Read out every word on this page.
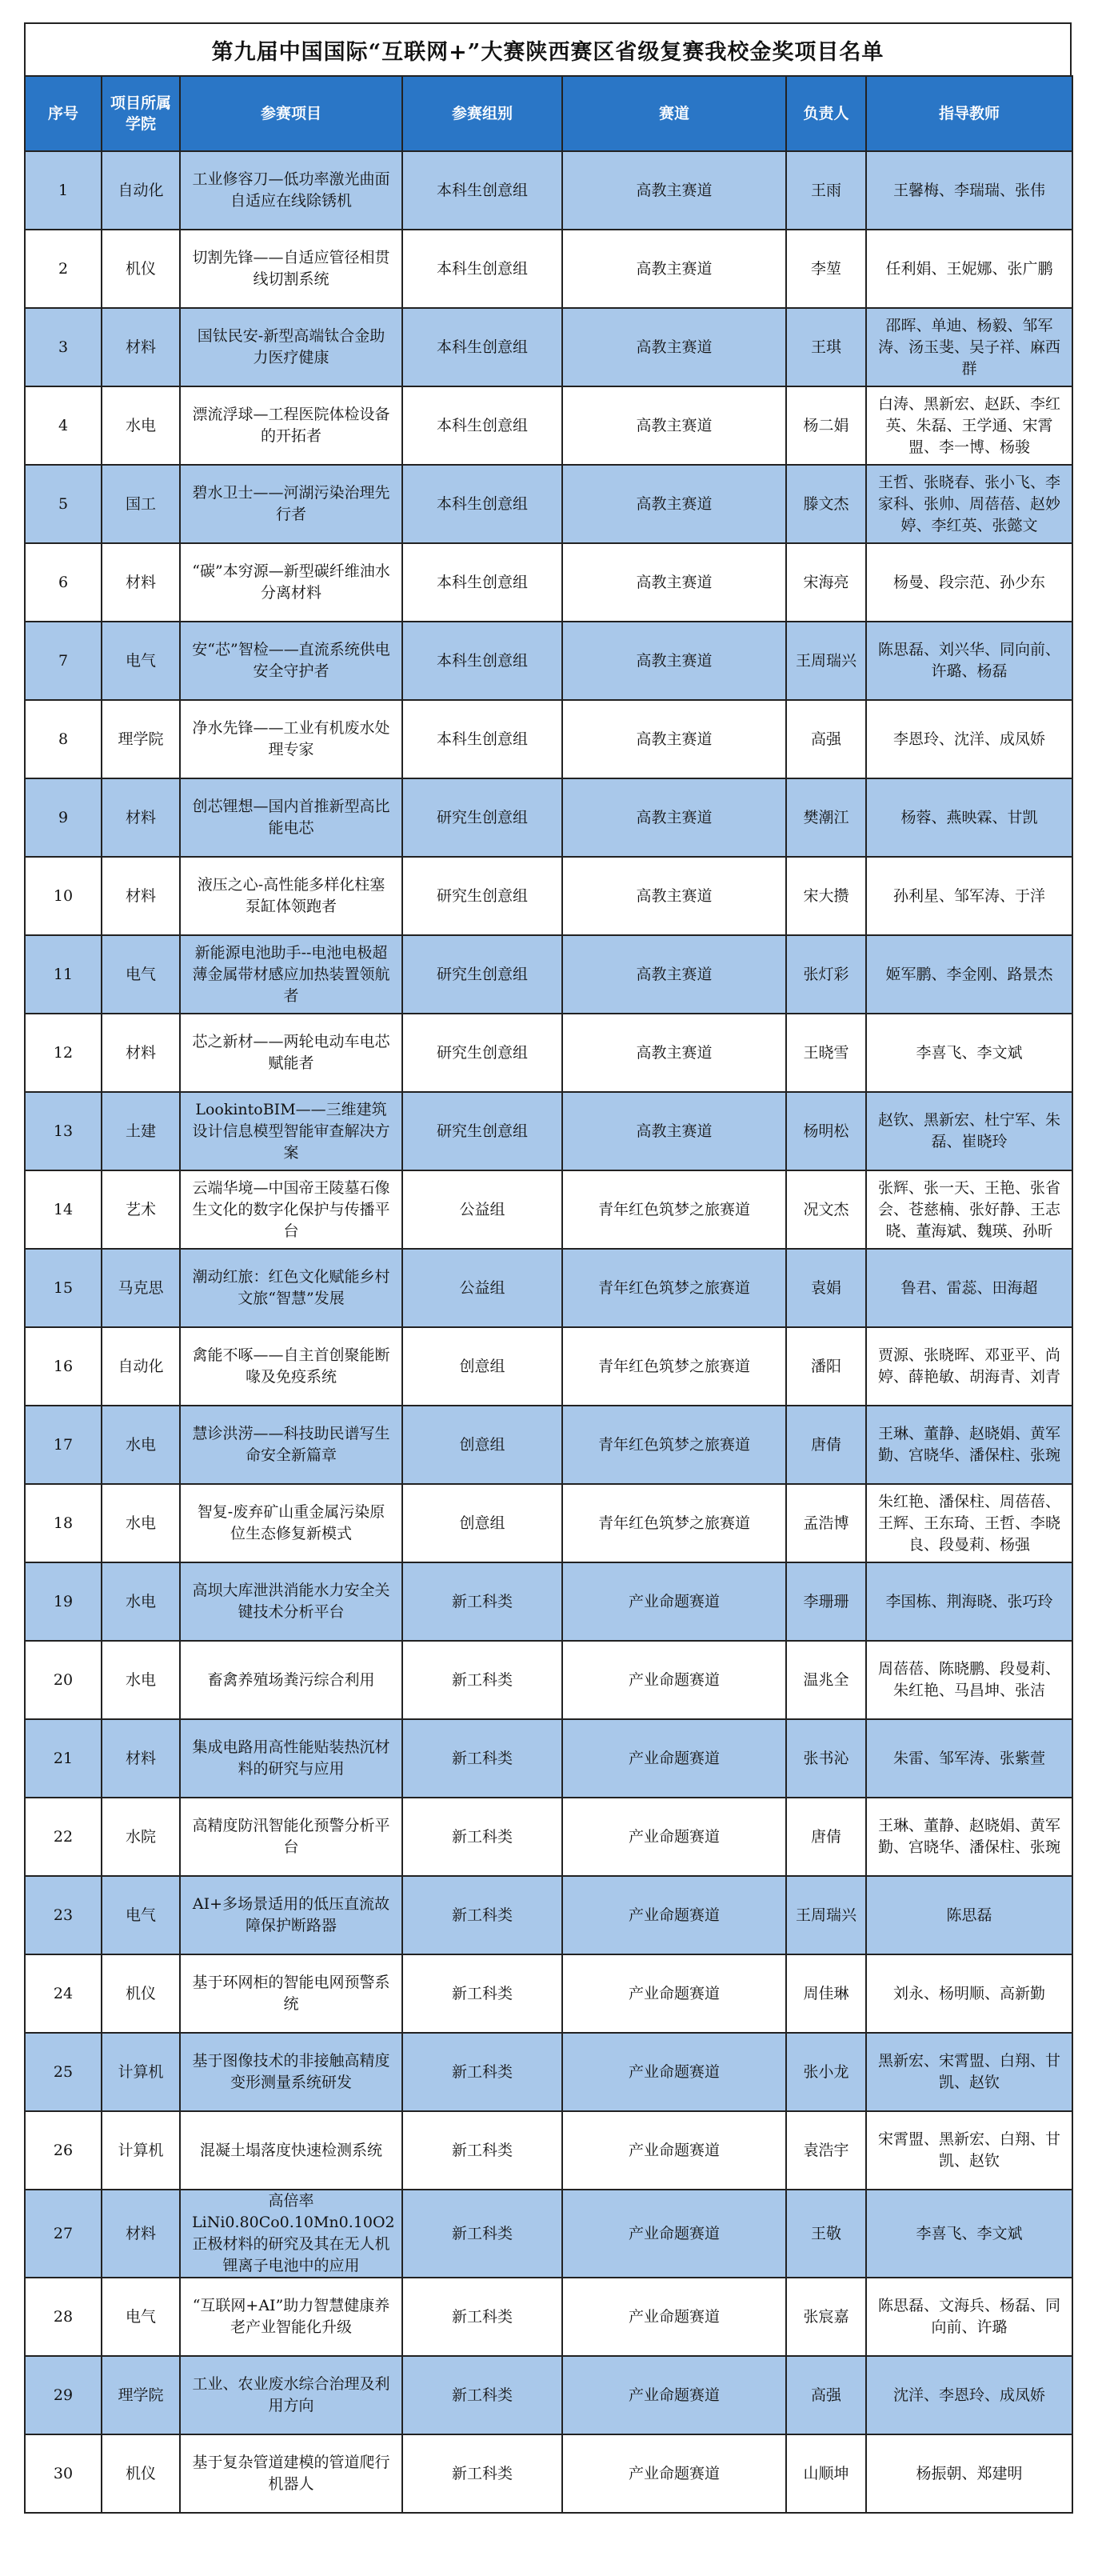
第九届中国国际“互联网+”大赛陕西赛区省级复赛我校金奖项目名单
序号	项目所属学院	参赛项目	参赛组别	赛道	负责人	指导教师
1	自动化	工业修容刀—低功率激光曲面自适应在线除锈机	本科生创意组	高教主赛道	王雨	王馨梅、李瑞瑞、张伟
2	机仪	切割先锋——自适应管径相贯线切割系统	本科生创意组	高教主赛道	李堃	任利娟、王妮娜、张广鹏
3	材料	国钛民安-新型高端钛合金助力医疗健康	本科生创意组	高教主赛道	王琪	邵晖、单迪、杨毅、邹军涛、汤玉斐、吴子祥、麻西群
4	水电	漂流浮球—工程医院体检设备的开拓者	本科生创意组	高教主赛道	杨二娟	白涛、黑新宏、赵跃、李红英、朱磊、王学通、宋霄盟、李一博、杨骏
5	国工	碧水卫士——河湖污染治理先行者	本科生创意组	高教主赛道	滕文杰	王哲、张晓春、张小飞、李家科、张帅、周蓓蓓、赵妙婷、李红英、张懿文
6	材料	“碳”本穷源—新型碳纤维油水分离材料	本科生创意组	高教主赛道	宋海亮	杨曼、段宗范、孙少东
7	电气	安“芯”智检——直流系统供电安全守护者	本科生创意组	高教主赛道	王周瑞兴	陈思磊、刘兴华、同向前、许璐、杨磊
8	理学院	净水先锋——工业有机废水处理专家	本科生创意组	高教主赛道	高强	李恩玲、沈洋、成凤娇
9	材料	创芯锂想—国内首推新型高比能电芯	研究生创意组	高教主赛道	樊潮江	杨蓉、燕映霖、甘凯
10	材料	液压之心-高性能多样化柱塞泵缸体领跑者	研究生创意组	高教主赛道	宋大攒	孙利星、邹军涛、于洋
11	电气	新能源电池助手--电池电极超薄金属带材感应加热装置领航者	研究生创意组	高教主赛道	张灯彩	姬军鹏、李金刚、路景杰
12	材料	芯之新材——两轮电动车电芯赋能者	研究生创意组	高教主赛道	王晓雪	李喜飞、李文斌
13	土建	LookintoBIM——三维建筑设计信息模型智能审查解决方案	研究生创意组	高教主赛道	杨明松	赵钦、黑新宏、杜宁军、朱磊、崔晓玲
14	艺术	云端华境—中国帝王陵墓石像生文化的数字化保护与传播平台	公益组	青年红色筑梦之旅赛道	况文杰	张辉、张一天、王艳、张省会、苍慈楠、张好静、王志晓、董海斌、魏瑛、孙昕
15	马克思	潮动红旅：红色文化赋能乡村文旅“智慧”发展	公益组	青年红色筑梦之旅赛道	袁娟	鲁君、雷蕊、田海超
16	自动化	禽能不啄——自主首创聚能断喙及免疫系统	创意组	青年红色筑梦之旅赛道	潘阳	贾源、张晓晖、邓亚平、尚婷、薛艳敏、胡海青、刘青
17	水电	慧诊洪涝——科技助民谱写生命安全新篇章	创意组	青年红色筑梦之旅赛道	唐倩	王琳、董静、赵晓娟、黄军勤、宫晓华、潘保柱、张琬
18	水电	智复-废弃矿山重金属污染原位生态修复新模式	创意组	青年红色筑梦之旅赛道	孟浩博	朱红艳、潘保柱、周蓓蓓、王辉、王东琦、王哲、李晓良、段曼莉、杨强
19	水电	高坝大库泄洪消能水力安全关键技术分析平台	新工科类	产业命题赛道	李珊珊	李国栋、荆海晓、张巧玲
20	水电	畜禽养殖场粪污综合利用	新工科类	产业命题赛道	温兆全	周蓓蓓、陈晓鹏、段曼莉、朱红艳、马昌坤、张洁
21	材料	集成电路用高性能贴装热沉材料的研究与应用	新工科类	产业命题赛道	张书沁	朱雷、邹军涛、张紫萱
22	水院	高精度防汛智能化预警分析平台	新工科类	产业命题赛道	唐倩	王琳、董静、赵晓娟、黄军勤、宫晓华、潘保柱、张琬
23	电气	AI+多场景适用的低压直流故障保护断路器	新工科类	产业命题赛道	王周瑞兴	陈思磊
24	机仪	基于环网柜的智能电网预警系统	新工科类	产业命题赛道	周佳琳	刘永、杨明顺、高新勤
25	计算机	基于图像技术的非接触高精度变形测量系统研发	新工科类	产业命题赛道	张小龙	黑新宏、宋霄盟、白翔、甘凯、赵钦
26	计算机	混凝土塌落度快速检测系统	新工科类	产业命题赛道	袁浩宇	宋霄盟、黑新宏、白翔、甘凯、赵钦
27	材料	高倍率LiNi0.80Co0.10Mn0.10O2正极材料的研究及其在无人机锂离子电池中的应用	新工科类	产业命题赛道	王敬	李喜飞、李文斌
28	电气	“互联网+AI”助力智慧健康养老产业智能化升级	新工科类	产业命题赛道	张宸嘉	陈思磊、文海兵、杨磊、同向前、许璐
29	理学院	工业、农业废水综合治理及利用方向	新工科类	产业命题赛道	高强	沈洋、李恩玲、成凤娇
30	机仪	基于复杂管道建模的管道爬行机器人	新工科类	产业命题赛道	山顺坤	杨振朝、郑建明
